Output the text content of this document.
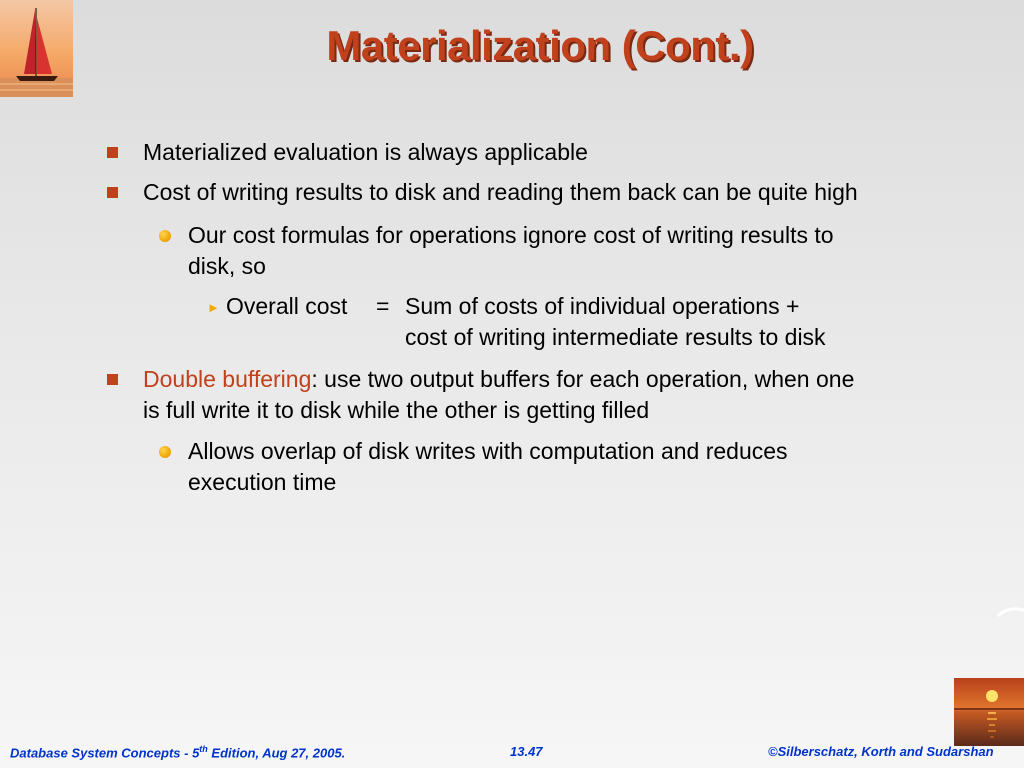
Materialization (Cont.)
Materialized evaluation is always applicable
Cost of writing results to disk and reading them back can be quite high
Our cost formulas for operations ignore cost of writing results to
disk, so
► Overall cost = Sum of costs of individual operations +
cost of writing intermediate results to disk
Double buffering: use two output buffers for each operation, when one
is full write it to disk while the other is getting filled
Allows overlap of disk writes with computation and reduces
execution time
Database System Concepts - 5th Edition, Aug 27, 2005.	13.47	©Silberschatz, Korth and Sudarshan
